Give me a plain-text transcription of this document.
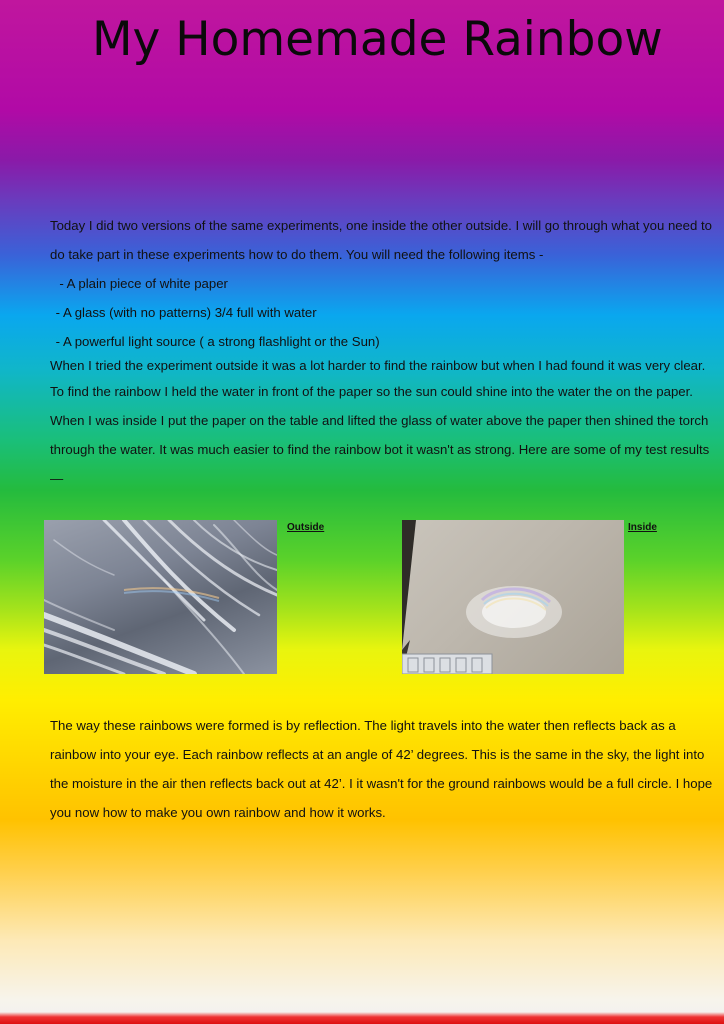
My Homemade Rainbow

Today I did two versions of the same experiments, one inside the other outside. I will go through what you need to do take part in these experiments how to do them. You will need the following items -

- A plain piece of white paper
- A glass (with no patterns) 3/4 full with water
- A powerful light source ( a strong flashlight or the Sun)

When I tried the experiment outside it was a lot harder to find the rainbow but when I had found it was very clear.

To find the rainbow I held the water in front of the paper so the sun could shine into the water the on the paper. When I was inside I put the paper on the table and lifted the glass of water above the paper then shined the torch through the water. It was much easier to find the rainbow bot it wasn't as strong. Here are some of my test results —

Outside	Inside

The way these rainbows were formed is by reflection. The light travels into the water then reflects back as a rainbow into your eye. Each rainbow reflects at an angle of 42’ degrees. This is the same in the sky, the light into the moisture in the air then reflects back out at 42’. I it wasn't for the ground rainbows would be a full circle. I hope you now how to make you own rainbow and how it works.
